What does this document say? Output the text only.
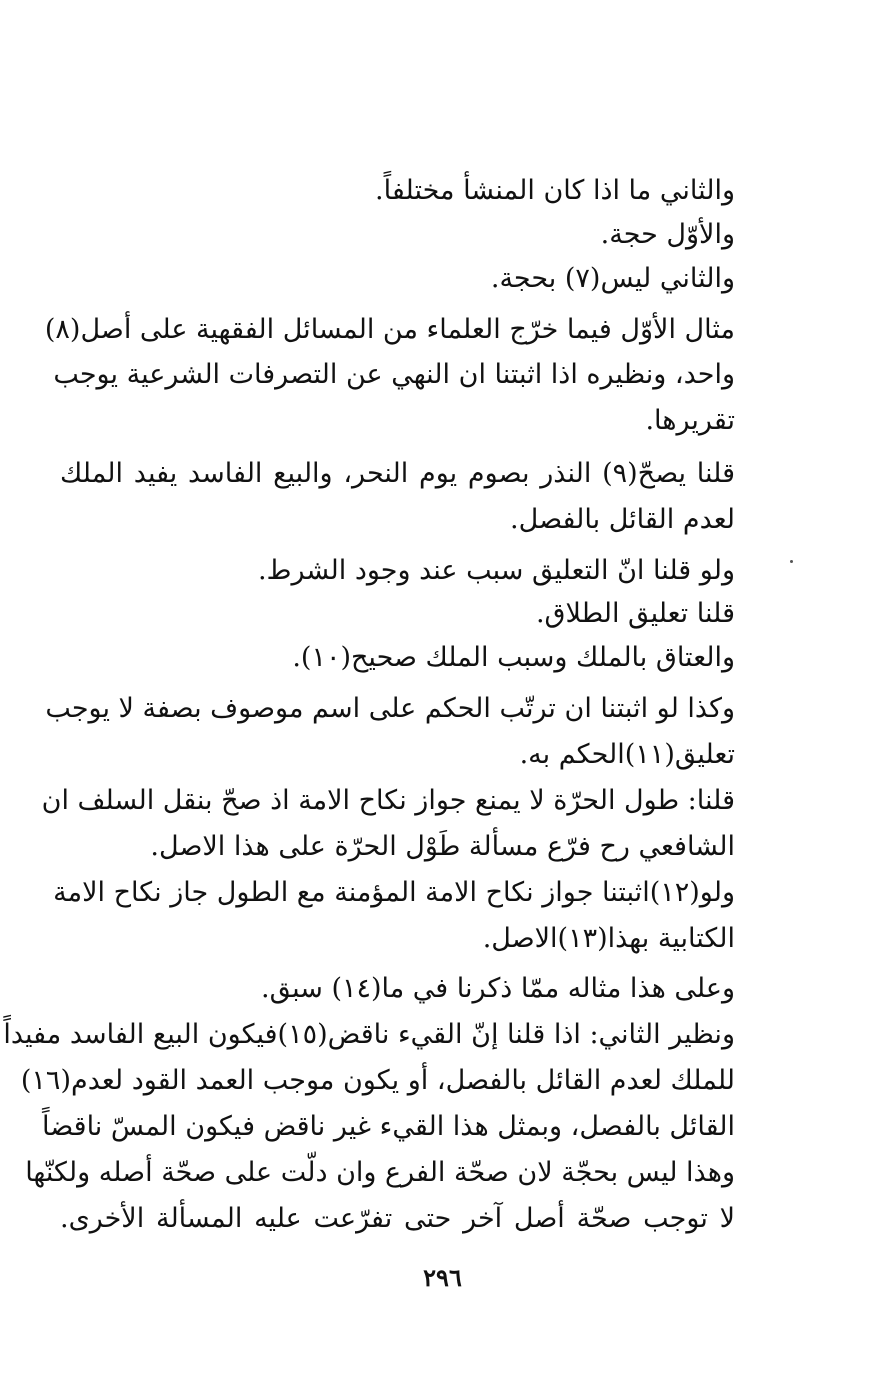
والثاني ما اذا كان المنشأ مختلفاً.
والأوّل حجة.
والثاني ليس(٧) بحجة.
مثال الأوّل فيما خرّج العلماء من المسائل الفقهية على أصل(٨)
واحد، ونظيره اذا اثبتنا ان النهي عن التصرفات الشرعية يوجب
تقريرها.
قلنا يصحّ(٩) النذر بصوم يوم النحر، والبيع الفاسد يفيد الملك
لعدم القائل بالفصل.
ولو قلنا انّ التعليق سبب عند وجود الشرط.
قلنا تعليق الطلاق.
والعتاق بالملك وسبب الملك صحيح(١٠).
وكذا لو اثبتنا ان ترتّب الحكم على اسم موصوف بصفة لا يوجب
تعليق(١١)الحكم به.
قلنا: طول الحرّة لا يمنع جواز نكاح الامة اذ صحّ بنقل السلف ان
الشافعي رح فرّع مسألة طَوْل الحرّة على هذا الاصل.
ولو(١٢)اثبتنا جواز نكاح الامة المؤمنة مع الطول جاز نكاح الامة
الكتابية بهذا(١٣)الاصل.
وعلى هذا مثاله ممّا ذكرنا في ما(١٤) سبق.
ونظير الثاني: اذا قلنا إنّ القيء ناقض(١٥)فيكون البيع الفاسد مفيداً
للملك لعدم القائل بالفصل، أو يكون موجب العمد القود لعدم(١٦)
القائل بالفصل، وبمثل هذا القيء غير ناقض فيكون المسّ ناقضاً
وهذا ليس بحجّة لان صحّة الفرع وان دلّت على صحّة أصله ولكنّها
لا توجب صحّة أصل آخر حتى تفرّعت عليه المسألة الأخرى.
٢٩٦
